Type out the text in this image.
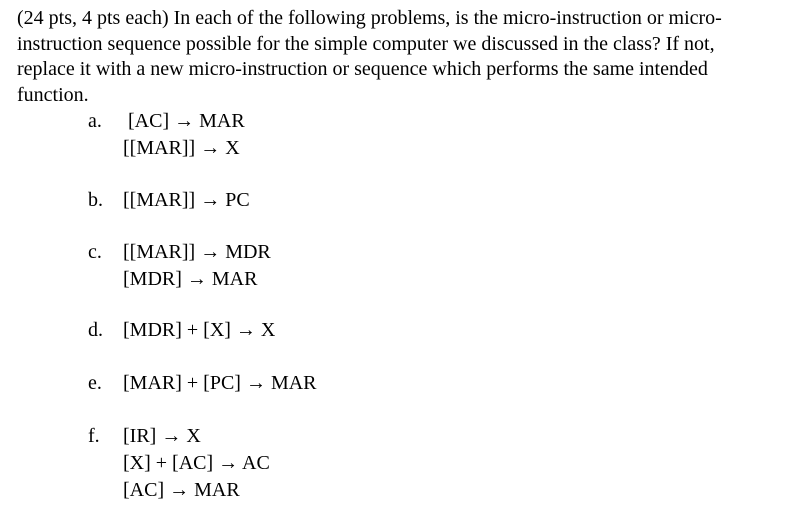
(24 pts, 4 pts each) In each of the following problems, is the micro-instruction or micro-
instruction sequence possible for the simple computer we discussed in the class? If not,
replace it with a new micro-instruction or sequence which performs the same intended
function.

a.	[AC] → MAR
[[MAR]] → X
b.	[[MAR]] → PC
c.	[[MAR]] → MDR
[MDR] → MAR
d.	[MDR] + [X] → X
e.	[MAR] + [PC] → MAR
f.	[IR] → X
[X] + [AC] → AC
[AC] → MAR
